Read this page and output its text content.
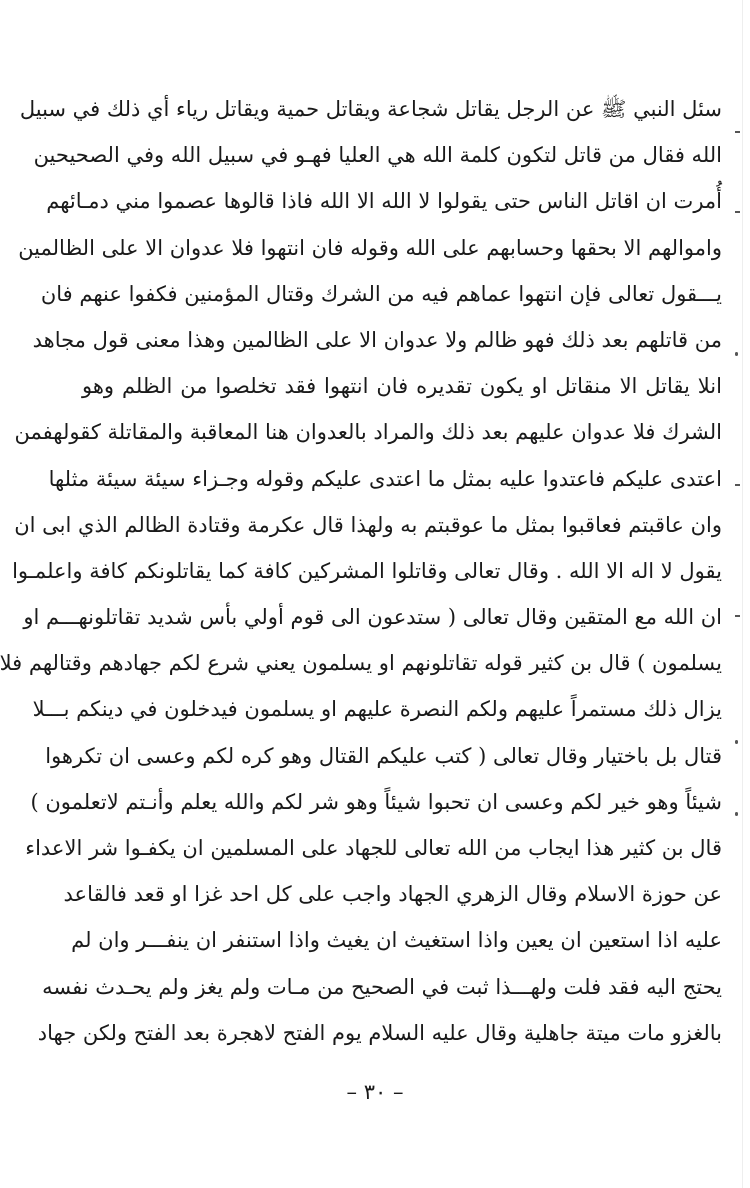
سئل النبي ﷺ عن الرجل يقاتل شجاعة ويقاتل حمية ويقاتل رياء أي ذلك في سبيل
الله فقال من قاتل لتكون كلمة الله هي العليا فهـو في سبيل الله وفي الصحيحين
أُمرت ان اقاتل الناس حتى يقولوا لا الله الا الله فاذا قالوها عصموا مني دمـائهم
واموالهم الا بحقها وحسابهم على الله وقوله فان انتهوا فلا عدوان الا على الظالمين
يـــقول تعالى فإن انتهوا عماهم فيه من الشرك وقتال المؤمنين فكفوا عنهم فان
من قاتلهم بعد ذلك فهو ظالم ولا عدوان الا على الظالمين وهذا معنى قول مجاهد
انلا يقاتل الا منقاتل او يكون تقديره فان انتهوا فقد تخلصوا من الظلم وهو
الشرك فلا عدوان عليهم بعد ذلك والمراد بالعدوان هنا المعاقبة والمقاتلة كقولهفمن
اعتدى عليكم فاعتدوا عليه بمثل ما اعتدى عليكم وقوله وجـزاء سيئة سيئة مثلها
وان عاقبتم فعاقبوا بمثل ما عوقبتم به ولهذا قال عكرمة وقتادة الظالم الذي ابى ان
يقول لا اله الا الله . وقال تعالى وقاتلوا المشركين كافة كما يقاتلونكم كافة واعلمـوا
ان الله مع المتقين وقال تعالى ( ستدعون الى قوم أولي بأس شديد تقاتلونهـــم او
يسلمون ) قال بن كثير قوله تقاتلونهم او يسلمون يعني شرع لكم جهادهم وقتالهم فلا
يزال ذلك مستمراً عليهم ولكم النصرة عليهم او يسلمون فيدخلون في دينكم بـــلا
قتال بل باختيار وقال تعالى ( كتب عليكم القتال وهو كره لكم وعسى ان تكرهوا
شيئاً وهو خير لكم وعسى ان تحبوا شيئاً وهو شر لكم والله يعلم وأنـتم لاتعلمون )
قال بن كثير هذا ايجاب من الله تعالى للجهاد على المسلمين ان يكفـوا شر الاعداء
عن حوزة الاسلام وقال الزهري الجهاد واجب على كل احد غزا او قعد فالقاعد
عليه اذا استعين ان يعين واذا استغيث ان يغيث واذا استنفر ان ينفـــر وان لم
يحتج اليه فقد فلت ولهـــذا ثبت في الصحيح من مـات ولم يغز ولم يحـدث نفسه
بالغزو مات ميتة جاهلية وقال عليه السلام يوم الفتح لاهجرة بعد الفتح ولكن جهاد
– ٣٠ –
